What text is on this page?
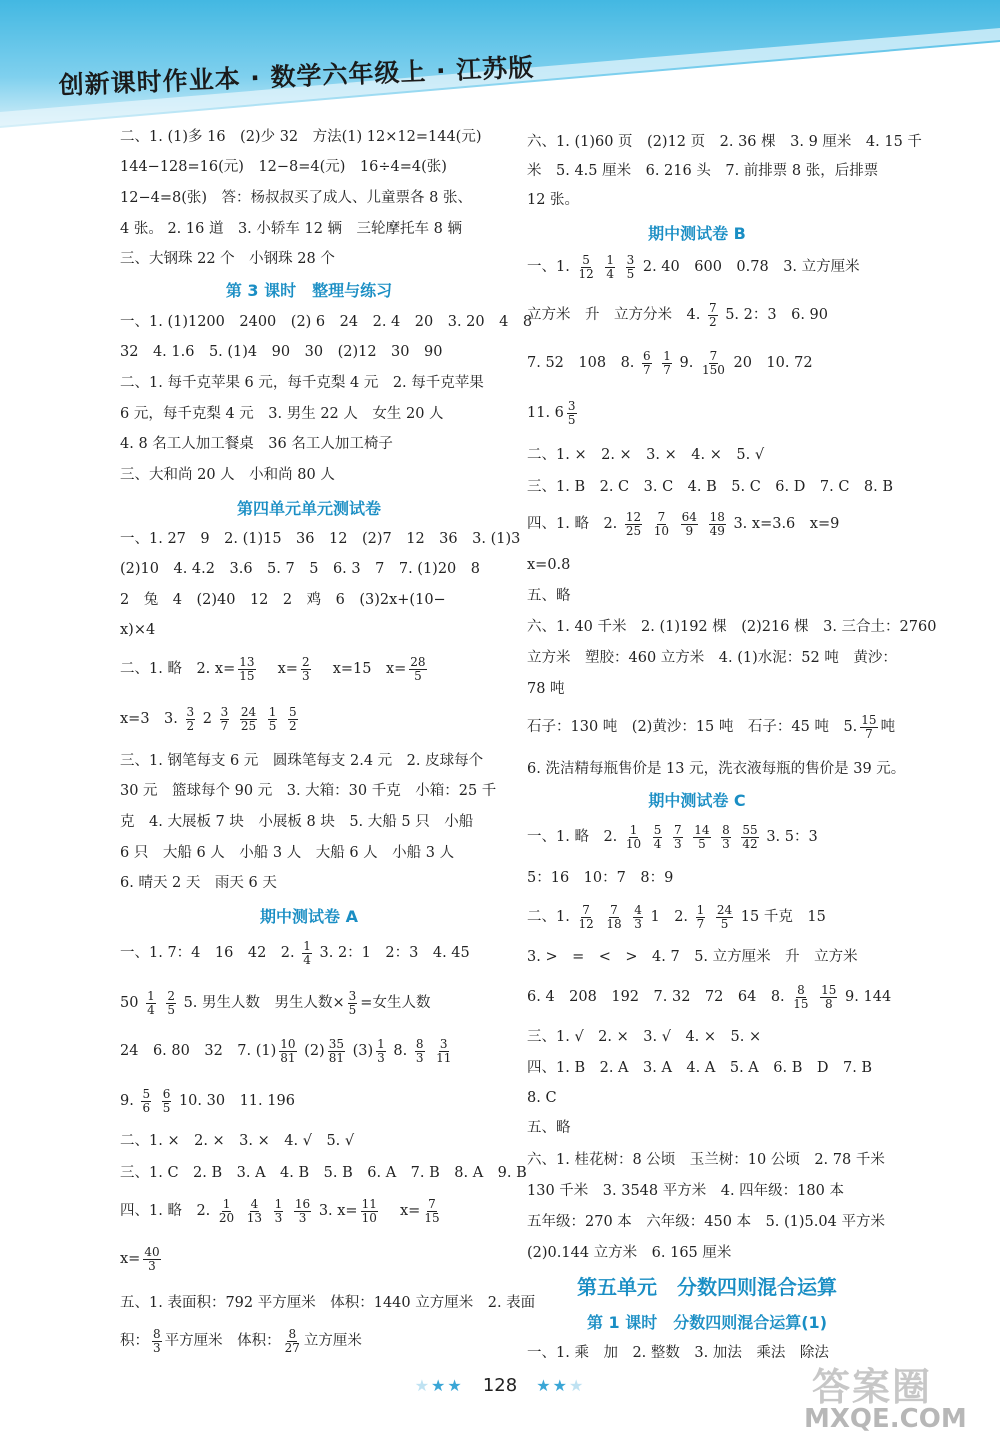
创新课时作业本 · 数学六年级上 · 江苏版
二、1. (1)多 16　(2)少 32　方法(1) 12×12=144(元)
144−128=16(元)　12−8=4(元)　16÷4=4(张)
12−4=8(张)　答：杨叔叔买了成人、儿童票各 8 张、
4 张。 2. 16 道　3. 小轿车 12 辆　三轮摩托车 8 辆
三、大钢珠 22 个　小钢珠 28 个
第 3 课时　整理与练习
一、1. (1)1200　2400　(2) 6　24　2. 4　20　3. 20　4　8
32　4. 1.6　5. (1)4　90　30　(2)12　30　90
二、1. 每千克苹果 6 元，每千克梨 4 元　2. 每千克苹果
6 元，每千克梨 4 元　3. 男生 22 人　女生 20 人
4. 8 名工人加工餐桌　36 名工人加工椅子
三、大和尚 20 人　小和尚 80 人
第四单元单元测试卷
一、1. 27　9　2. (1)15　36　12　(2)7　12　36　3. (1)3
(2)10　4. 4.2　3.6　5. 7　5　6. 3　7　7. (1)20　8
2　兔　4　(2)40　12　2　鸡　6　(3)2x+(10−
x)×4
二、1. 略　2. $x= \frac{13}{15}$
　 $x= \frac{2}{3}$
　 x=15　$x= \frac{28}{5}$
x=3　3. $\frac{3}{2} 2 \frac{3}{7}$
$\frac{24}{25}$
$\frac{1}{5}$
$\frac{5}{2}$
三、1. 钢笔每支 6 元　圆珠笔每支 2.4 元　2. 皮球每个
30 元　篮球每个 90 元　3. 大箱：30 千克　小箱：25 千
克　4. 大展板 7 块　小展板 8 块　5. 大船 5 只　小船
6 只　大船 6 人　小船 3 人　大船 6 人　小船 3 人
6. 晴天 2 天　雨天 6 天
期中测试卷 A
一、1. 7：4　16　42　2. $\frac{1}{4} 3$. 2：1　2：3　4. 45
$50 \frac{1}{4}$
$\frac{2}{5} 5$. 男生人数　男生人数× $\frac{3}{5}$ =女生人数
24　6. 80　32　7. $(1) \frac{10}{81} (2) \frac{35}{81} (3) \frac{1}{3} 8$. $\frac{8}{3}$
$\frac{3}{11}$
9. $\frac{5}{6}$
$\frac{6}{5} 10$. 30　11. 196
二、1. ×　2. ×　3. ×　4. √　5. √
三、1. C　2. B　3. A　4. B　5. B　6. A　7. B　8. A　9. B
四、1. 略　2. $\frac{1}{20}$
$\frac{4}{13}$
$\frac{1}{3}$
$\frac{16}{3} 3$. $x= \frac{11}{10}$
　 $x= \frac{7}{15}$
$x= \frac{40}{3}$
五、1. 表面积：792 平方厘米　体积：1440 立方厘米　2. 表面
积： $\frac{8}{3}$ 平方厘米　体积： $\frac{8}{27}$ 立方厘米
六、1. (1)60 页　(2)12 页　2. 36 棵　3. 9 厘米　4. 15 千
米　5. 4.5 厘米　6. 216 头　7. 前排票 8 张，后排票
12 张。
期中测试卷 B
一、1. $\frac{5}{12}$
$\frac{1}{4}$
$\frac{3}{5} 2$. 40　600　0.78　3. 立方厘米
立方米　升　立方分米　4. $\frac{7}{2} 5$. 2：3　6. 90
7. 52　108　8. $\frac{6}{7}$
$\frac{1}{7} 9$. $\frac{7}{150} 20$　10. 72
11. $6 \frac{3}{5}$
二、1. ×　2. ×　3. ×　4. ×　5. √
三、1. B　2. C　3. C　4. B　5. C　6. D　7. C　8. B
四、1. 略　2. $\frac{12}{25}$
$\frac{7}{10}$
$\frac{64}{9}$
$\frac{18}{49} 3$. x=3.6　x=9
x=0.8
五、略
六、1. 40 千米　2. (1)192 棵　(2)216 棵　3. 三合土：2760
立方米　塑胶：460 立方米　4. (1)水泥：52 吨　黄沙：
78 吨
石子：130 吨　(2)黄沙：15 吨　石子：45 吨　5. $\frac{15}{7}$ 吨
6. 洗洁精每瓶售价是 13 元，洗衣液每瓶的售价是 39 元。
期中测试卷 C
一、1. 略　2. $\frac{1}{10}$
$\frac{5}{4}$
$\frac{7}{3}$
$\frac{14}{5}$
$\frac{8}{3}$
$\frac{55}{42} 3$. 5：3
5：16　10：7　8：9
二、1. $\frac{7}{12}$
$\frac{7}{18}$
$\frac{4}{3} 1$　2. $\frac{1}{7}$
$\frac{24}{5} 15$ 千克　15
3. >　=　<　>　4. 7　5. 立方厘米　升　立方米
6. 4　208　192　7. 32　72　64　8. $\frac{8}{15}$
$\frac{15}{8} 9$. 144
三、1. √　2. ×　3. √　4. ×　5. ×
四、1. B　2. A　3. A　4. A　5. A　6. B　D　7. B
8. C
五、略
六、1. 桂花树：8 公顷　玉兰树：10 公顷　2. 78 千米
130 千米　3. 3548 平方米　4. 四年级：180 本
五年级：270 本　六年级：450 本　5. (1)5.04 平方米
(2)0.144 立方米　6. 165 厘米
第五单元　分数四则混合运算
第 1 课时　分数四则混合运算(1)
一、1. 乘　加　2. 整数　3. 加法　乘法　除法
★★★ 128 ★★★	答案圈
MXQE.COM
